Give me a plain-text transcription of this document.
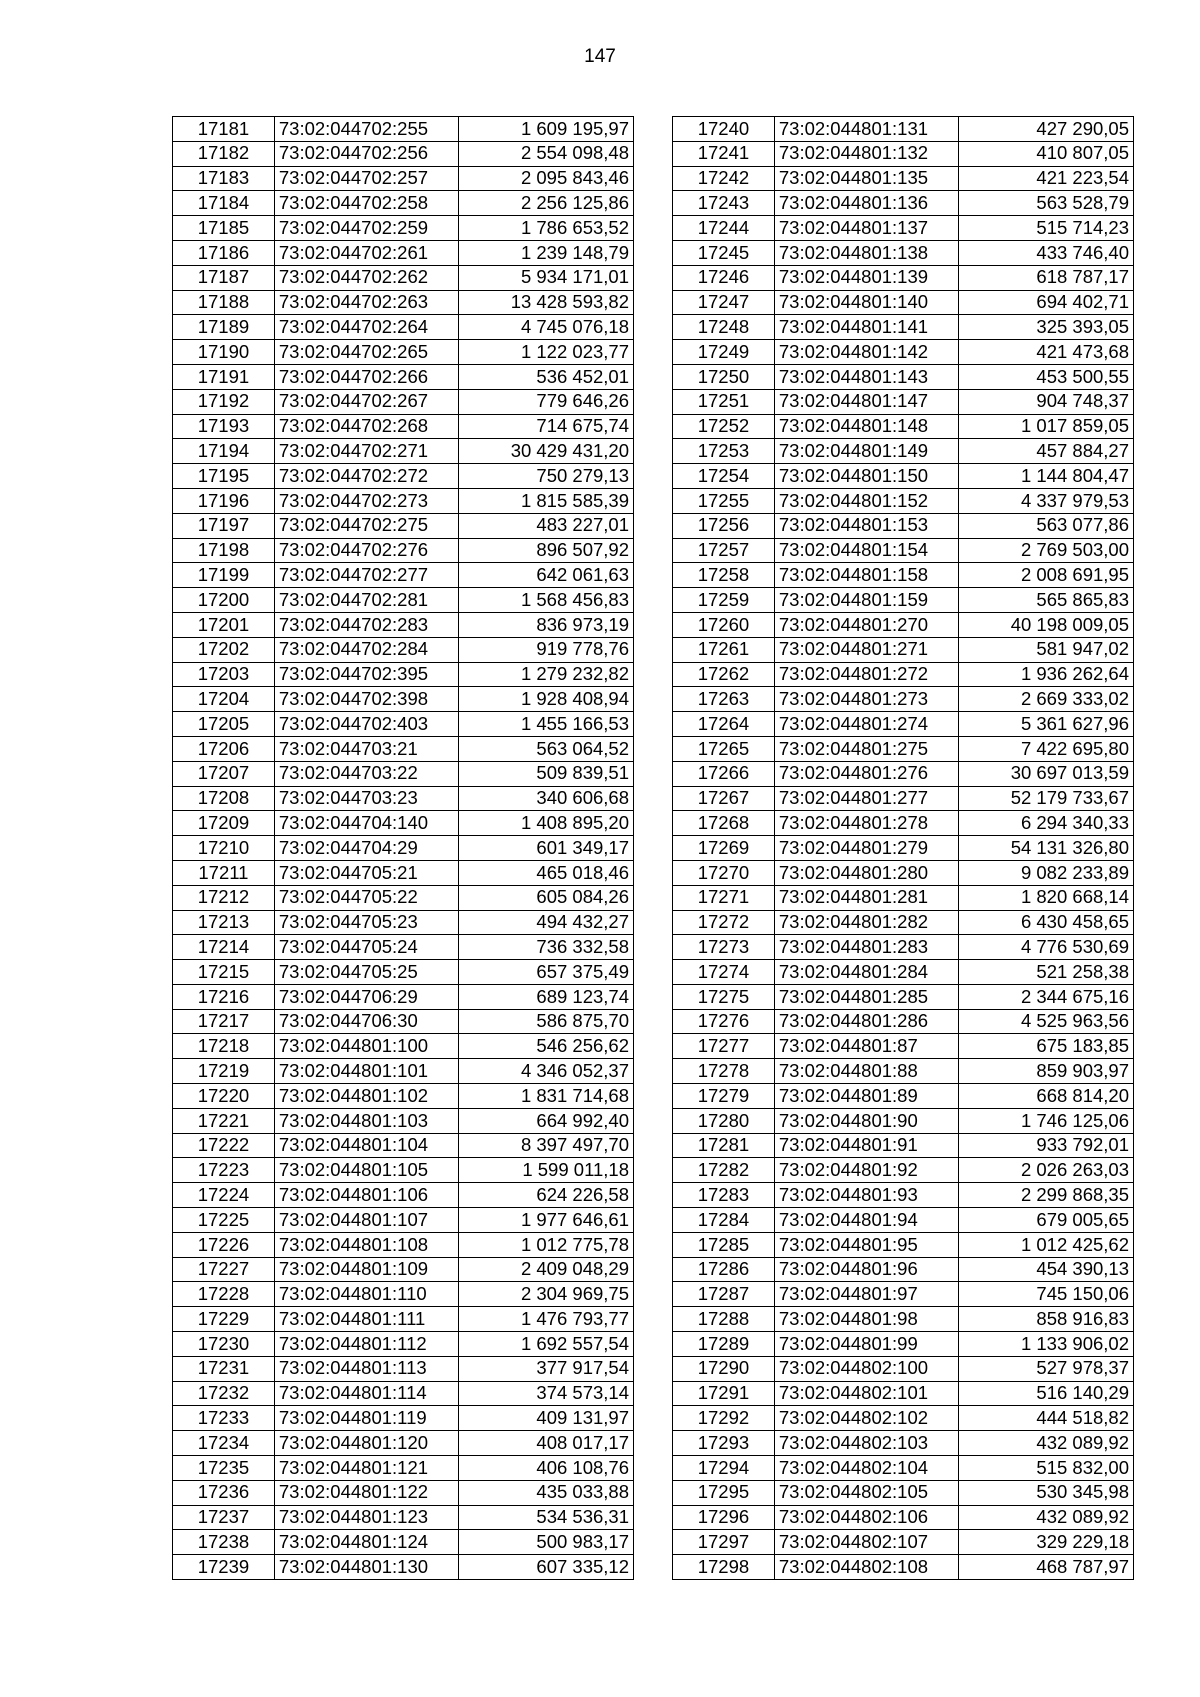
147
17181	73:02:044702:255	1 609 195,97
17182	73:02:044702:256	2 554 098,48
17183	73:02:044702:257	2 095 843,46
17184	73:02:044702:258	2 256 125,86
17185	73:02:044702:259	1 786 653,52
17186	73:02:044702:261	1 239 148,79
17187	73:02:044702:262	5 934 171,01
17188	73:02:044702:263	13 428 593,82
17189	73:02:044702:264	4 745 076,18
17190	73:02:044702:265	1 122 023,77
17191	73:02:044702:266	536 452,01
17192	73:02:044702:267	779 646,26
17193	73:02:044702:268	714 675,74
17194	73:02:044702:271	30 429 431,20
17195	73:02:044702:272	750 279,13
17196	73:02:044702:273	1 815 585,39
17197	73:02:044702:275	483 227,01
17198	73:02:044702:276	896 507,92
17199	73:02:044702:277	642 061,63
17200	73:02:044702:281	1 568 456,83
17201	73:02:044702:283	836 973,19
17202	73:02:044702:284	919 778,76
17203	73:02:044702:395	1 279 232,82
17204	73:02:044702:398	1 928 408,94
17205	73:02:044702:403	1 455 166,53
17206	73:02:044703:21	563 064,52
17207	73:02:044703:22	509 839,51
17208	73:02:044703:23	340 606,68
17209	73:02:044704:140	1 408 895,20
17210	73:02:044704:29	601 349,17
17211	73:02:044705:21	465 018,46
17212	73:02:044705:22	605 084,26
17213	73:02:044705:23	494 432,27
17214	73:02:044705:24	736 332,58
17215	73:02:044705:25	657 375,49
17216	73:02:044706:29	689 123,74
17217	73:02:044706:30	586 875,70
17218	73:02:044801:100	546 256,62
17219	73:02:044801:101	4 346 052,37
17220	73:02:044801:102	1 831 714,68
17221	73:02:044801:103	664 992,40
17222	73:02:044801:104	8 397 497,70
17223	73:02:044801:105	1 599 011,18
17224	73:02:044801:106	624 226,58
17225	73:02:044801:107	1 977 646,61
17226	73:02:044801:108	1 012 775,78
17227	73:02:044801:109	2 409 048,29
17228	73:02:044801:110	2 304 969,75
17229	73:02:044801:111	1 476 793,77
17230	73:02:044801:112	1 692 557,54
17231	73:02:044801:113	377 917,54
17232	73:02:044801:114	374 573,14
17233	73:02:044801:119	409 131,97
17234	73:02:044801:120	408 017,17
17235	73:02:044801:121	406 108,76
17236	73:02:044801:122	435 033,88
17237	73:02:044801:123	534 536,31
17238	73:02:044801:124	500 983,17
17239	73:02:044801:130	607 335,12
17240	73:02:044801:131	427 290,05
17241	73:02:044801:132	410 807,05
17242	73:02:044801:135	421 223,54
17243	73:02:044801:136	563 528,79
17244	73:02:044801:137	515 714,23
17245	73:02:044801:138	433 746,40
17246	73:02:044801:139	618 787,17
17247	73:02:044801:140	694 402,71
17248	73:02:044801:141	325 393,05
17249	73:02:044801:142	421 473,68
17250	73:02:044801:143	453 500,55
17251	73:02:044801:147	904 748,37
17252	73:02:044801:148	1 017 859,05
17253	73:02:044801:149	457 884,27
17254	73:02:044801:150	1 144 804,47
17255	73:02:044801:152	4 337 979,53
17256	73:02:044801:153	563 077,86
17257	73:02:044801:154	2 769 503,00
17258	73:02:044801:158	2 008 691,95
17259	73:02:044801:159	565 865,83
17260	73:02:044801:270	40 198 009,05
17261	73:02:044801:271	581 947,02
17262	73:02:044801:272	1 936 262,64
17263	73:02:044801:273	2 669 333,02
17264	73:02:044801:274	5 361 627,96
17265	73:02:044801:275	7 422 695,80
17266	73:02:044801:276	30 697 013,59
17267	73:02:044801:277	52 179 733,67
17268	73:02:044801:278	6 294 340,33
17269	73:02:044801:279	54 131 326,80
17270	73:02:044801:280	9 082 233,89
17271	73:02:044801:281	1 820 668,14
17272	73:02:044801:282	6 430 458,65
17273	73:02:044801:283	4 776 530,69
17274	73:02:044801:284	521 258,38
17275	73:02:044801:285	2 344 675,16
17276	73:02:044801:286	4 525 963,56
17277	73:02:044801:87	675 183,85
17278	73:02:044801:88	859 903,97
17279	73:02:044801:89	668 814,20
17280	73:02:044801:90	1 746 125,06
17281	73:02:044801:91	933 792,01
17282	73:02:044801:92	2 026 263,03
17283	73:02:044801:93	2 299 868,35
17284	73:02:044801:94	679 005,65
17285	73:02:044801:95	1 012 425,62
17286	73:02:044801:96	454 390,13
17287	73:02:044801:97	745 150,06
17288	73:02:044801:98	858 916,83
17289	73:02:044801:99	1 133 906,02
17290	73:02:044802:100	527 978,37
17291	73:02:044802:101	516 140,29
17292	73:02:044802:102	444 518,82
17293	73:02:044802:103	432 089,92
17294	73:02:044802:104	515 832,00
17295	73:02:044802:105	530 345,98
17296	73:02:044802:106	432 089,92
17297	73:02:044802:107	329 229,18
17298	73:02:044802:108	468 787,97
